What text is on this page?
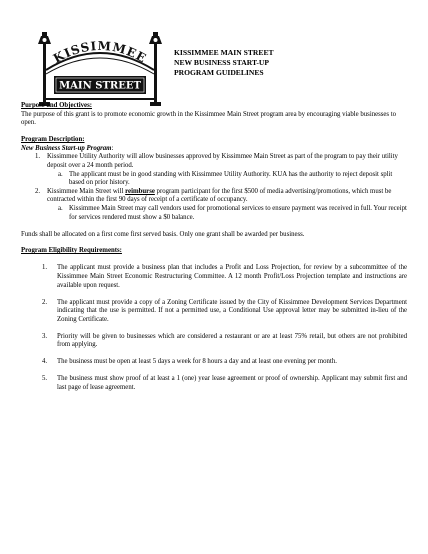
KISSIMMEE
MAIN STREET
KISSIMMEE MAIN STREET
NEW BUSINESS START-UP
PROGRAM GUIDELINES

Purpose and Objectives:

The purpose of this grant is to promote economic growth in the Kissimmee Main Street program area by encouraging viable businesses to open.

Program Description:

New Business Start-up Program:

1. Kissimmee Utility Authority will allow businesses approved by Kissimmee Main Street as part of the program to pay their utility deposit over a 24 month period.
a. The applicant must be in good standing with Kissimmee Utility Authority. KUA has the authority to reject deposit split based on prior history.
2. Kissimmee Main Street will reimburse program participant for the first $500 of media advertising/promotions, which must be contracted within the first 90 days of receipt of a certificate of occupancy.
a. Kissimmee Main Street may call vendors used for promotional services to ensure payment was received in full. Your receipt for services rendered must show a $0 balance.

Funds shall be allocated on a first come first served basis. Only one grant shall be awarded per business.

Program Eligibility Requirements:

1. The applicant must provide a business plan that includes a Profit and Loss Projection, for review by a subcommittee of the Kissimmee Main Street Economic Restructuring Committee. A 12 month Profit/Loss Projection template and instructions are available upon request.
2. The applicant must provide a copy of a Zoning Certificate issued by the City of Kissimmee Development Services Department indicating that the use is permitted. If not a permitted use, a Conditional Use approval letter may be submitted in-lieu of the Zoning Certificate.
3. Priority will be given to businesses which are considered a restaurant or are at least 75% retail, but others are not prohibited from applying.
4. The business must be open at least 5 days a week for 8 hours a day and at least one evening per month.
5. The business must show proof of at least a 1 (one) year lease agreement or proof of ownership. Applicant may submit first and last page of lease agreement.
